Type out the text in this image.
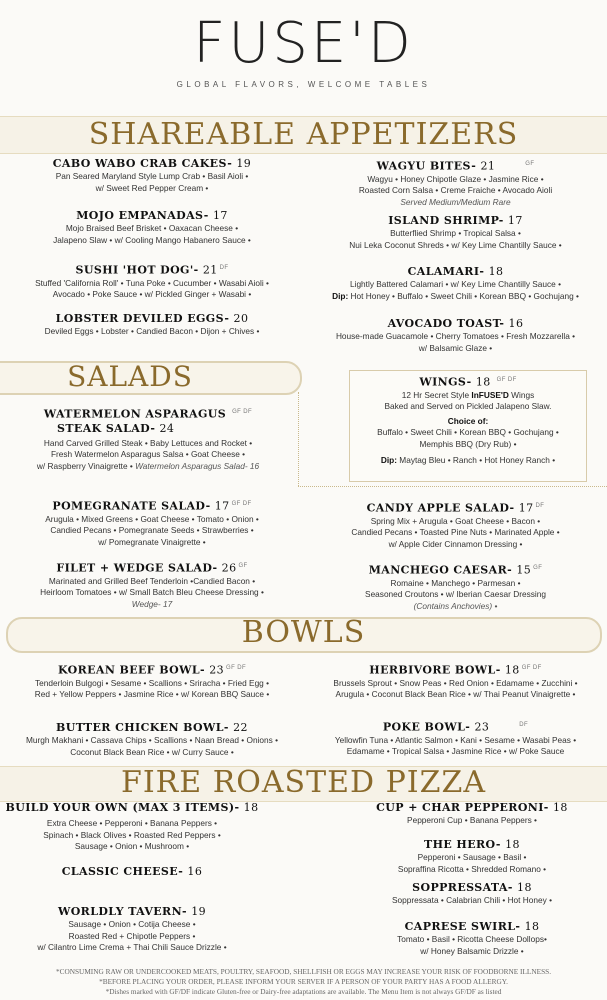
FUSE'D
GLOBAL FLAVORS, WELCOME TABLES
SHAREABLE APPETIZERS
CABO WABO CRAB CAKES- 19
Pan Seared Maryland Style Lump Crab • Basil Aioli •
w/ Sweet Red Pepper Cream •
MOJO EMPANADAS- 17
Mojo Braised Beef Brisket • Oaxacan Cheese •
Jalapeno Slaw • w/ Cooling Mango Habanero Sauce •
SUSHI 'HOT DOG'- 21 $^{DF}$
Stuffed 'California Roll' • Tuna Poke • Cucumber • Wasabi Aioli •
Avocado • Poke Sauce • w/ Pickled Ginger + Wasabi •
LOBSTER DEVILED EGGS- 20
Deviled Eggs • Lobster • Candied Bacon • Dijon + Chives •
WAGYU BITES- 21	$^{GF}$
Wagyu • Honey Chipotle Glaze • Jasmine Rice •
Roasted Corn Salsa • Creme Fraiche • Avocado Aioli
Served Medium/Medium Rare
ISLAND SHRIMP- 17
Butterflied Shrimp • Tropical Salsa •
Nui Leka Coconut Shreds • w/ Key Lime Chantilly Sauce •
CALAMARI- 18
Lightly Battered Calamari • w/ Key Lime Chantilly Sauce •
Dip: Hot Honey • Buffalo • Sweet Chili • Korean BBQ • Gochujang •
AVOCADO TOAST- 16
House-made Guacamole • Cherry Tomatoes • Fresh Mozzarella •
w/ Balsamic Glaze •
SALADS
WATERMELON ASPARAGUS $^{GF DF}$
STEAK SALAD- 24
Hand Carved Grilled Steak • Baby Lettuces and Rocket •
Fresh Watermelon Asparagus Salsa • Goat Cheese •
w/ Raspberry Vinaigrette • Watermelon Asparagus Salad- 16
WINGS- 18 $^{GF DF}$
12 Hr Secret Style InFUSE'D Wings
Baked and Served on Pickled Jalapeno Slaw.
Choice of:
Buffalo • Sweet Chili • Korean BBQ • Gochujang •
Memphis BBQ (Dry Rub) •
Dip: Maytag Bleu • Ranch • Hot Honey Ranch •
POMEGRANATE SALAD- 17 $^{GF DF}$
Arugula • Mixed Greens • Goat Cheese • Tomato • Onion •
Candied Pecans • Pomegranate Seeds • Strawberries •
w/ Pomegranate Vinaigrette •
CANDY APPLE SALAD- 17 $^{DF}$
Spring Mix + Arugula • Goat Cheese • Bacon •
Candied Pecans • Toasted Pine Nuts • Marinated Apple •
w/ Apple Cider Cinnamon Dressing •
FILET + WEDGE SALAD- 26 $^{GF}$
Marinated and Grilled Beef Tenderloin •Candied Bacon •
Heirloom Tomatoes • w/ Small Batch Bleu Cheese Dressing •
Wedge- 17
MANCHEGO CAESAR- 15 $^{GF}$
Romaine • Manchego • Parmesan •
Seasoned Croutons • w/ Iberian Caesar Dressing
(Contains Anchovies) •
BOWLS
KOREAN BEEF BOWL- 23 $^{GF DF}$
Tenderloin Bulgogi • Sesame • Scallions • Sriracha • Fried Egg •
Red + Yellow Peppers • Jasmine Rice • w/ Korean BBQ Sauce •
HERBIVORE BOWL- 18 $^{GF DF}$
Brussels Sprout • Snow Peas • Red Onion • Edamame • Zucchini •
Arugula • Coconut Black Bean Rice • w/ Thai Peanut Vinaigrette •
BUTTER CHICKEN BOWL- 22
Murgh Makhani • Cassava Chips • Scallions • Naan Bread • Onions •
Coconut Black Bean Rice • w/ Curry Sauce •
POKE BOWL- 23	$^{DF}$
Yellowfin Tuna • Atlantic Salmon • Kani • Sesame • Wasabi Peas •
Edamame • Tropical Salsa • Jasmine Rice • w/ Poke Sauce
FIRE ROASTED PIZZA
BUILD YOUR OWN (MAX 3 ITEMS)- 18
Extra Cheese • Pepperoni • Banana Peppers •
Spinach • Black Olives • Roasted Red Peppers •
Sausage • Onion • Mushroom •
CLASSIC CHEESE- 16
WORLDLY TAVERN- 19
Sausage • Onion • Cotija Cheese •
Roasted Red + Chipotle Peppers •
w/ Cilantro Lime Crema + Thai Chili Sauce Drizzle •
CUP + CHAR PEPPERONI- 18
Pepperoni Cup • Banana Peppers •
THE HERO- 18
Pepperoni • Sausage • Basil •
Sopraffina Ricotta • Shredded Romano •
SOPPRESSATA- 18
Soppressata • Calabrian Chili • Hot Honey •
CAPRESE SWIRL- 18
Tomato • Basil • Ricotta Cheese Dollops•
w/ Honey Balsamic Drizzle •
*CONSUMING RAW OR UNDERCOOKED MEATS, POULTRY, SEAFOOD, SHELLFISH OR EGGS MAY INCREASE YOUR RISK OF FOODBORNE ILLNESS.
*BEFORE PLACING YOUR ORDER, PLEASE INFORM YOUR SERVER IF A PERSON OF YOUR PARTY HAS A FOOD ALLERGY.
*Dishes marked with GF/DF indicate Gluten-free or Dairy-free adaptations are available. The Menu Item is not always GF/DF as listed
